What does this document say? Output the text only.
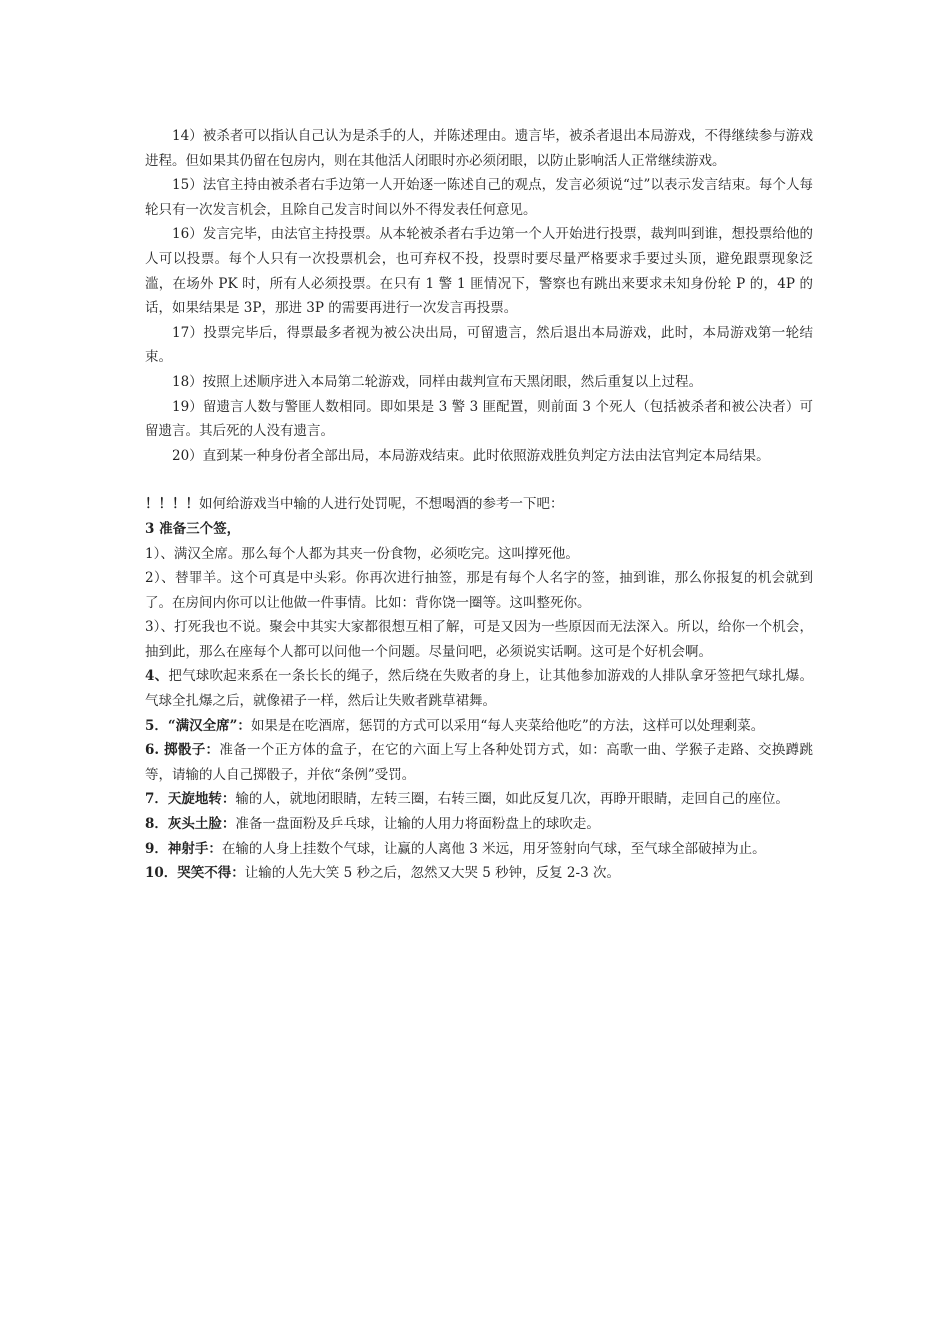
14）被杀者可以指认自己认为是杀手的人，并陈述理由。遗言毕，被杀者退出本局游戏，不得继续参与游戏进程。但如果其仍留在包房内，则在其他活人闭眼时亦必须闭眼，以防止影响活人正常继续游戏。

15）法官主持由被杀者右手边第一人开始逐一陈述自己的观点，发言必须说“过”以表示发言结束。每个人每轮只有一次发言机会，且除自己发言时间以外不得发表任何意见。

16）发言完毕，由法官主持投票。从本轮被杀者右手边第一个人开始进行投票，裁判叫到谁，想投票给他的人可以投票。每个人只有一次投票机会，也可弃权不投，投票时要尽量严格要求手要过头顶，避免跟票现象泛滥，在场外 PK 时，所有人必须投票。在只有 1 警 1 匪情况下，警察也有跳出来要求未知身份轮 P 的，4P 的话，如果结果是 3P，那进 3P 的需要再进行一次发言再投票。

17）投票完毕后，得票最多者视为被公决出局，可留遗言，然后退出本局游戏，此时，本局游戏第一轮结束。

18）按照上述顺序进入本局第二轮游戏，同样由裁判宣布天黑闭眼，然后重复以上过程。

19）留遗言人数与警匪人数相同。即如果是 3 警 3 匪配置，则前面 3 个死人（包括被杀者和被公决者）可留遗言。其后死的人没有遗言。

20）直到某一种身份者全部出局，本局游戏结束。此时依照游戏胜负判定方法由法官判定本局结果。

！！！！如何给游戏当中输的人进行处罚呢，不想喝酒的参考一下吧：

3 准备三个签，

1）、满汉全席。那么每个人都为其夹一份食物，必须吃完。这叫撑死他。

2）、替罪羊。这个可真是中头彩。你再次进行抽签，那是有每个人名字的签，抽到谁，那么你报复的机会就到了。在房间内你可以让他做一件事情。比如：背你饶一圈等。这叫整死你。

3）、打死我也不说。聚会中其实大家都很想互相了解，可是又因为一些原因而无法深入。所以，给你一个机会，抽到此，那么在座每个人都可以问他一个问题。尽量问吧，必须说实话啊。这可是个好机会啊。

4、把气球吹起来系在一条长长的绳子，然后绕在失败者的身上，让其他参加游戏的人排队拿牙签把气球扎爆。气球全扎爆之后，就像裙子一样，然后让失败者跳草裙舞。

5．“满汉全席”：如果是在吃酒席，惩罚的方式可以采用“每人夹菜给他吃”的方法，这样可以处理剩菜。

6. 掷骰子：准备一个正方体的盒子，在它的六面上写上各种处罚方式，如：高歌一曲、学猴子走路、交换蹲跳等，请输的人自己掷骰子，并依“条例”受罚。

7．天旋地转：输的人，就地闭眼睛，左转三圈，右转三圈，如此反复几次，再睁开眼睛，走回自己的座位。

8．灰头土脸：准备一盘面粉及乒乓球，让输的人用力将面粉盘上的球吹走。

9．神射手：在输的人身上挂数个气球，让赢的人离他 3 米远，用牙签射向气球，至气球全部破掉为止。

10．哭笑不得：让输的人先大笑 5 秒之后，忽然又大哭 5 秒钟，反复 2-3 次。
